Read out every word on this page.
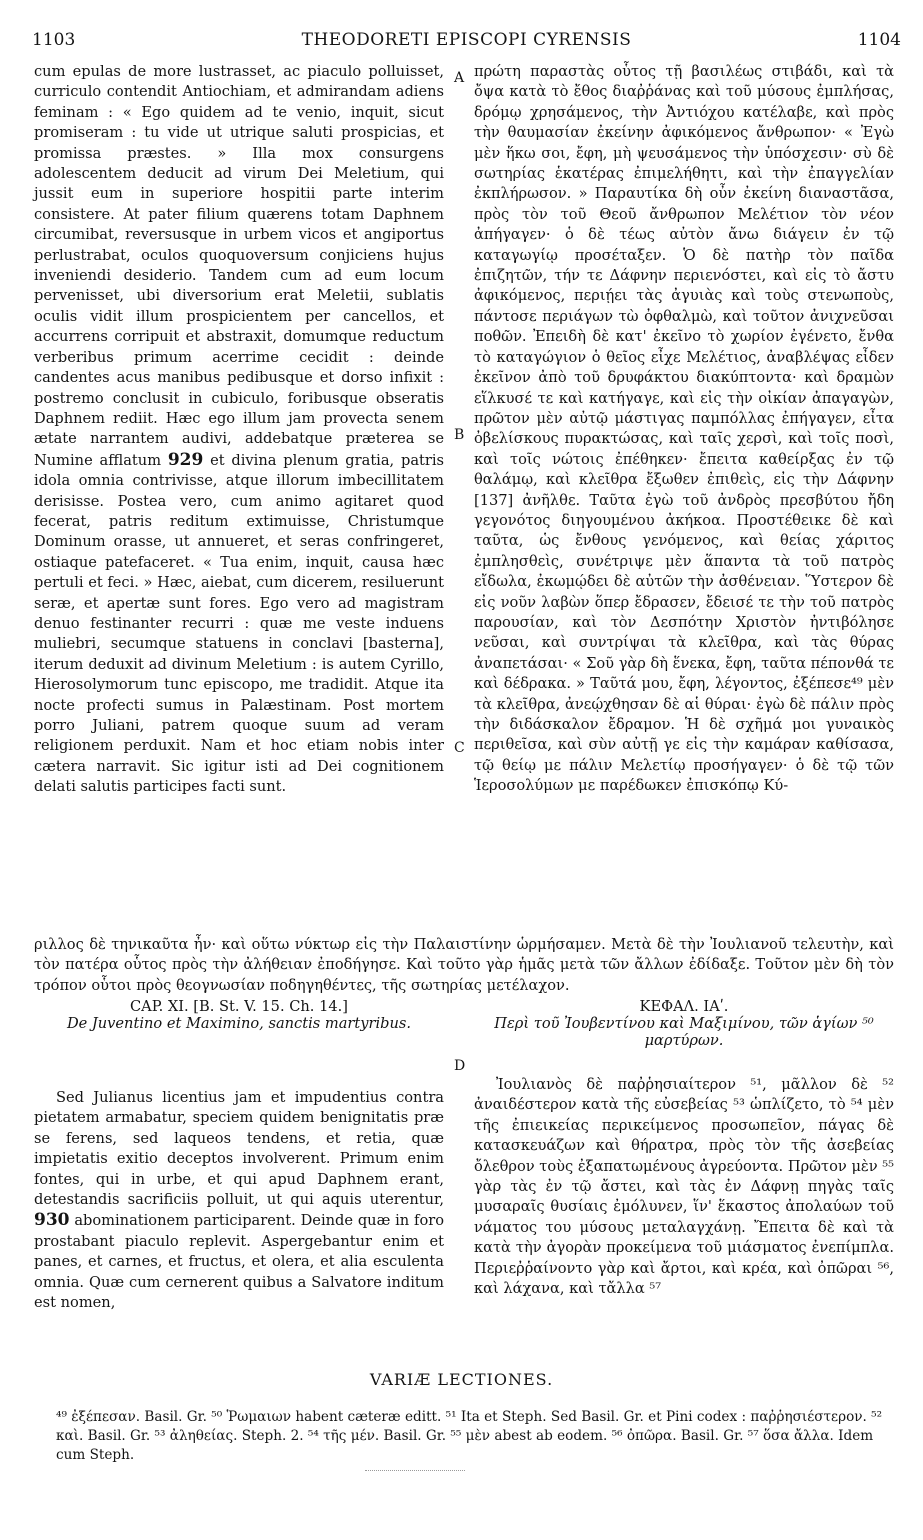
1103	THEODORETI EPISCOPI CYRENSIS	1104
A
B
C
D

cum epulas de more lustrasset, ac piaculo polluisset, curriculo contendit Antiochiam, et admirandam adiens feminam : « Ego quidem ad te venio, inquit, sicut promiseram : tu vide ut utrique saluti prospicias, et promissa præstes. » Illa mox consurgens adolescentem deducit ad virum Dei Meletium, qui jussit eum in superiore hospitii parte interim consistere. At pater filium quærens totam Daphnem circumibat, reversusque in urbem vicos et angiportus perlustrabat, oculos quoquoversum conjiciens hujus inveniendi desiderio. Tandem cum ad eum locum pervenisset, ubi diversorium erat Meletii, sublatis oculis vidit illum prospicientem per cancellos, et accurrens corripuit et abstraxit, domumque reductum verberibus primum acerrime cecidit : deinde candentes acus manibus pedibusque et dorso infixit : postremo conclusit in cubiculo, foribusque obseratis Daphnem rediit. Hæc ego illum jam provecta senem ætate narrantem audivi, addebatque præterea se Numine afflatum 929 et divina plenum gratia, patris idola omnia contrivisse, atque illorum imbecillitatem derisisse. Postea vero, cum animo agitaret quod fecerat, patris reditum extimuisse, Christumque Dominum orasse, ut annueret, et seras confringeret, ostiaque patefaceret. « Tua enim, inquit, causa hæc pertuli et feci. » Hæc, aiebat, cum dicerem, resiluerunt seræ, et apertæ sunt fores. Ego vero ad magistram denuo festinanter recurri : quæ me veste induens muliebri, secumque statuens in conclavi [basterna], iterum deduxit ad divinum Meletium : is autem Cyrillo, Hierosolymorum tunc episcopo, me tradidit. Atque ita nocte profecti sumus in Palæstinam. Post mortem porro Juliani, patrem quoque suum ad veram religionem perduxit. Nam et hoc etiam nobis inter cætera narravit. Sic igitur isti ad Dei cognitionem delati salutis participes facti sunt.

πρώτη παραστὰς οὗτος τῇ βασιλέως στιβάδι, καὶ τὰ ὄψα κατὰ τὸ ἔθος διαῤῥάνας καὶ τοῦ μύσους ἐμπλήσας, δρόμῳ χρησάμενος, τὴν Ἀντιόχου κατέλαβε, καὶ πρὸς τὴν θαυμασίαν ἐκείνην ἀφικόμενος ἄνθρωπον· « Ἐγὼ μὲν ἥκω σοι, ἔφη, μὴ ψευσάμενος τὴν ὑπόσχεσιν· σὺ δὲ σωτηρίας ἑκατέρας ἐπιμελήθητι, καὶ τὴν ἐπαγγελίαν ἐκπλήρωσον. » Παραυτίκα δὴ οὖν ἐκείνη διαναστᾶσα, πρὸς τὸν τοῦ Θεοῦ ἄνθρωπον Μελέτιον τὸν νέον ἀπήγαγεν· ὁ δὲ τέως αὐτὸν ἄνω διάγειν ἐν τῷ καταγωγίῳ προσέταξεν. Ὁ δὲ πατὴρ τὸν παῖδα ἐπιζητῶν, τήν τε Δάφνην περιενόστει, καὶ εἰς τὸ ἄστυ ἀφικόμενος, περιῄει τὰς ἀγυιὰς καὶ τοὺς στενωποὺς, πάντοσε περιάγων τὼ ὀφθαλμὼ, καὶ τοῦτον ἀνιχνεῦσαι ποθῶν. Ἐπειδὴ δὲ κατ' ἐκεῖνο τὸ χωρίον ἐγένετο, ἔνθα τὸ καταγώγιον ὁ θεῖος εἶχε Μελέτιος, ἀναβλέψας εἶδεν ἐκεῖνον ἀπὸ τοῦ δρυφάκτου διακύπτοντα· καὶ δραμὼν εἵλκυσέ τε καὶ κατήγαγε, καὶ εἰς τὴν οἰκίαν ἀπαγαγὼν, πρῶτον μὲν αὐτῷ μάστιγας παμπόλλας ἐπήγαγεν, εἶτα ὀβελίσκους πυρακτώσας, καὶ ταῖς χερσὶ, καὶ τοῖς ποσὶ, καὶ τοῖς νώτοις ἐπέθηκεν· ἔπειτα καθείρξας ἐν τῷ θαλάμῳ, καὶ κλεῖθρα ἔξωθεν ἐπιθεὶς, εἰς τὴν Δάφνην [137] ἀνῆλθε. Ταῦτα ἐγὼ τοῦ ἀνδρὸς πρεσβύτου ἤδη γεγονότος διηγουμένου ἀκήκοα. Προστέθεικε δὲ καὶ ταῦτα, ὡς ἔνθους γενόμενος, καὶ θείας χάριτος ἐμπλησθεὶς, συνέτριψε μὲν ἅπαντα τὰ τοῦ πατρὸς εἴδωλα, ἐκωμῴδει δὲ αὐτῶν τὴν ἀσθένειαν. Ὕστερον δὲ εἰς νοῦν λαβὼν ὅπερ ἔδρασεν, ἔδεισέ τε τὴν τοῦ πατρὸς παρουσίαν, καὶ τὸν Δεσπότην Χριστὸν ἠντιβόλησε νεῦσαι, καὶ συντρίψαι τὰ κλεῖθρα, καὶ τὰς θύρας ἀναπετάσαι· « Σοῦ γὰρ δὴ ἕνεκα, ἔφη, ταῦτα πέπονθά τε καὶ δέδρακα. » Ταῦτά μου, ἔφη, λέγοντος, ἐξέπεσε⁴⁹ μὲν τὰ κλεῖθρα, ἀνεῴχθησαν δὲ αἱ θύραι· ἐγὼ δὲ πάλιν πρὸς τὴν διδάσκαλον ἔδραμον. Ἡ δὲ σχῆμά μοι γυναικὸς περιθεῖσα, καὶ σὺν αὐτῇ γε εἰς τὴν καμάραν καθίσασα, τῷ θείῳ με πάλιν Μελετίῳ προσήγαγεν· ὁ δὲ τῷ τῶν Ἱεροσολύμων με παρέδωκεν ἐπισκόπῳ Κύ-

ριλλος δὲ τηνικαῦτα ἦν· καὶ οὕτω νύκτωρ εἰς τὴν Παλαιστίνην ὡρμήσαμεν. Μετὰ δὲ τὴν Ἰουλιανοῦ τελευτὴν, καὶ τὸν πατέρα οὗτος πρὸς τὴν ἀλήθειαν ἐποδήγησε. Καὶ τοῦτο γὰρ ἡμᾶς μετὰ τῶν ἄλλων ἐδίδαξε. Τοῦτον μὲν δὴ τὸν τρόπον οὗτοι πρὸς θεογνωσίαν ποδηγηθέντες, τῆς σωτηρίας μετέλαχον.
CAP. XI. [B. St. V. 15. Ch. 14.]
De Juventino et Maximino, sanctis martyribus.
ΚΕΦΑΛ. ΙΑʹ.
Περὶ τοῦ Ἰουβεντίνου καὶ Μαξιμίνου, τῶν ἁγίων ⁵⁰ μαρτύρων.

Sed Julianus licentius jam et impudentius contra pietatem armabatur, speciem quidem benignitatis præ se ferens, sed laqueos tendens, et retia, quæ impietatis exitio deceptos involverent. Primum enim fontes, qui in urbe, et qui apud Daphnem erant, detestandis sacrificiis polluit, ut qui aquis uterentur, 930 abominationem participarent. Deinde quæ in foro prostabant piaculo replevit. Aspergebantur enim et panes, et carnes, et fructus, et olera, et alia esculenta omnia. Quæ cum cernerent quibus a Salvatore inditum est nomen,

Ἰουλιανὸς δὲ παῤῥησιαίτερον ⁵¹, μᾶλλον δὲ ⁵² ἀναιδέστερον κατὰ τῆς εὐσεβείας ⁵³ ὡπλίζετο, τὸ ⁵⁴ μὲν τῆς ἐπιεικείας περικείμενος προσωπεῖον, πάγας δὲ κατασκευάζων καὶ θήρατρα, πρὸς τὸν τῆς ἀσεβείας ὄλεθρον τοὺς ἐξαπατωμένους ἀγρεύοντα. Πρῶτον μὲν ⁵⁵ γὰρ τὰς ἐν τῷ ἄστει, καὶ τὰς ἐν Δάφνῃ πηγὰς ταῖς μυσαραῖς θυσίαις ἐμόλυνεν, ἵν' ἕκαστος ἀπολαύων τοῦ νάματος του μύσους μεταλαγχάνῃ. Ἔπειτα δὲ καὶ τὰ κατὰ τὴν ἀγορὰν προκείμενα τοῦ μιάσματος ἐνεπίμπλα. Περιεῤῥαίνοντο γὰρ καὶ ἄρτοι, καὶ κρέα, καὶ ὀπῶραι ⁵⁶, καὶ λάχανα, καὶ τἄλλα ⁵⁷

VARIÆ LECTIONES.
⁴⁹ ἐξέπεσαν. Basil. Gr. ⁵⁰ Ῥωμαιων habent cæteræ editt. ⁵¹ Ita et Steph. Sed Basil. Gr. et Pini codex : παῤῥησιέστερον. ⁵² καὶ. Basil. Gr. ⁵³ ἀληθείας. Steph. 2. ⁵⁴ τῆς μέν. Basil. Gr. ⁵⁵ μὲν abest ab eodem. ⁵⁶ ὀπῶρα. Basil. Gr. ⁵⁷ ὅσα ἄλλα. Idem cum Steph.
